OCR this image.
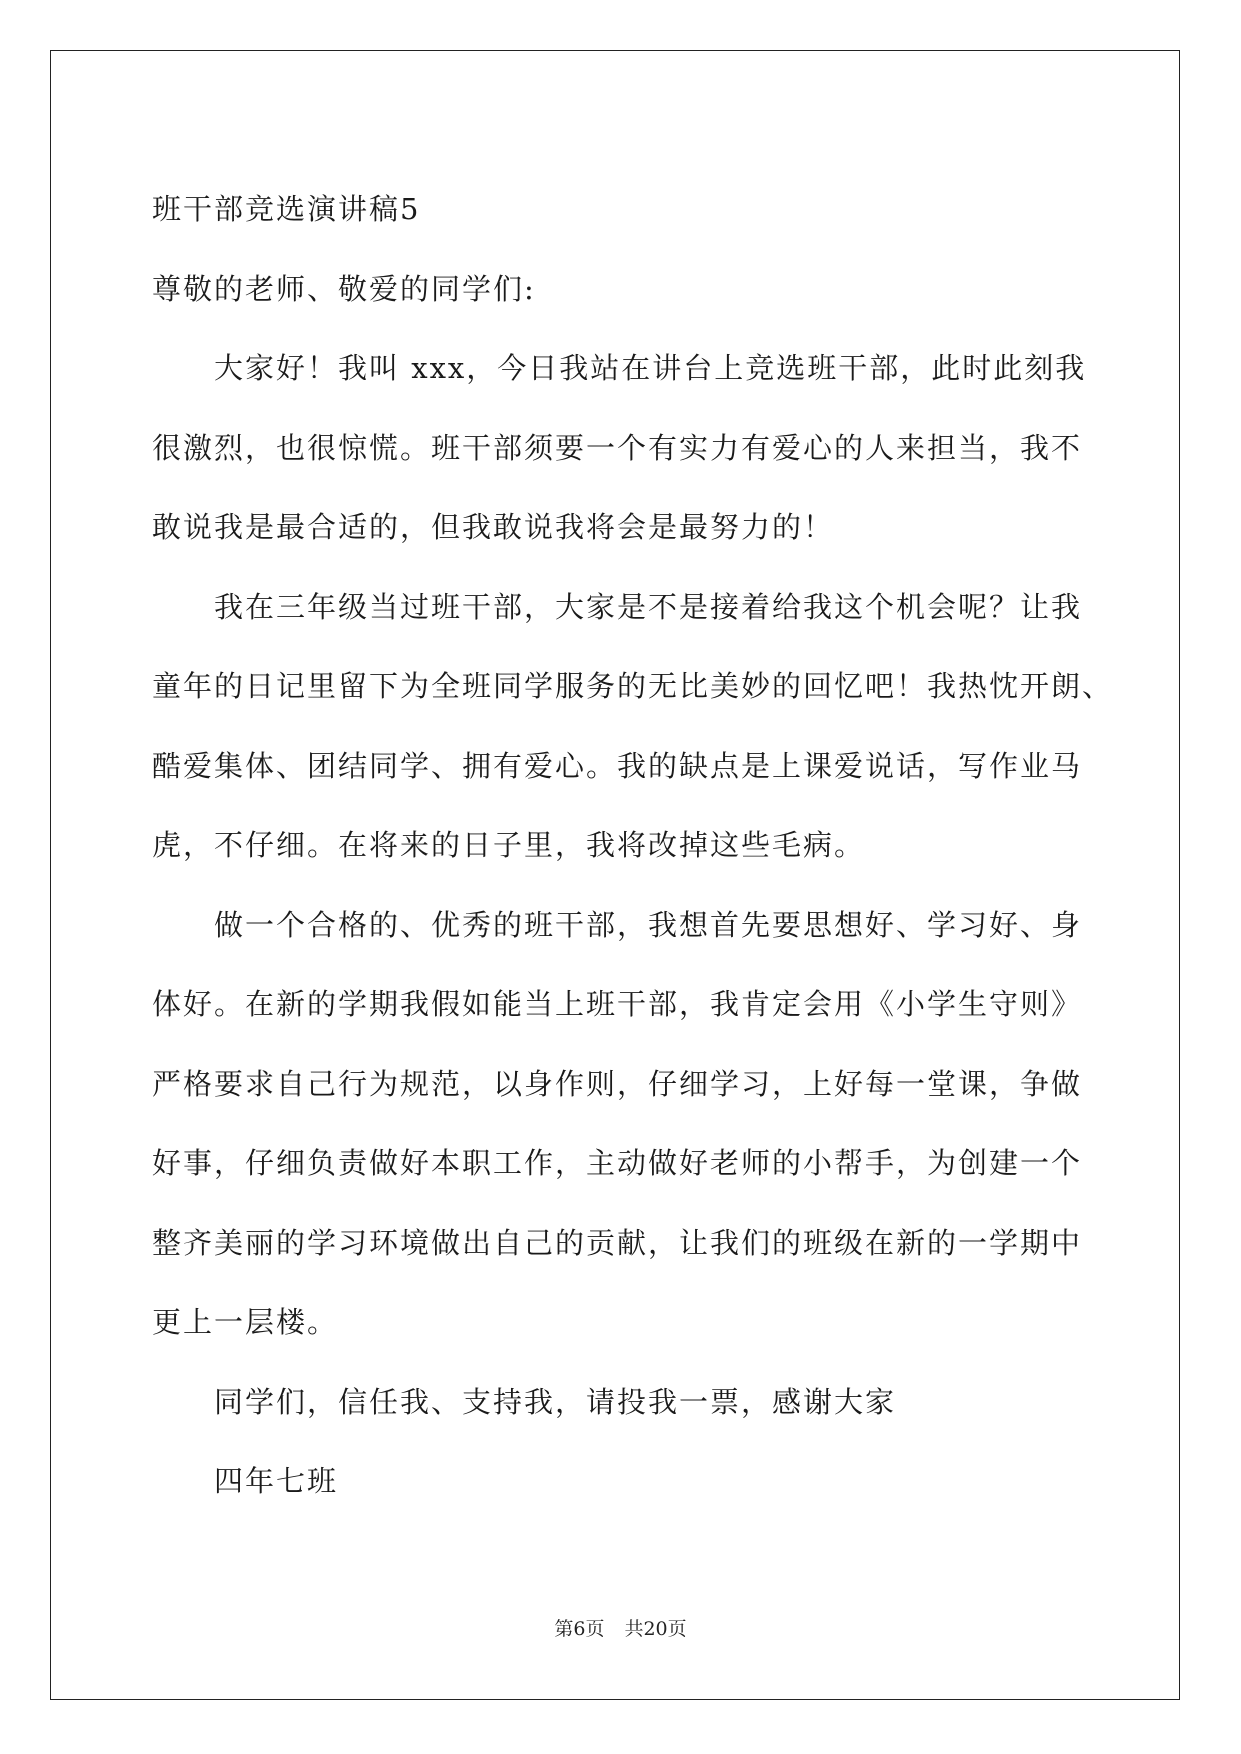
班干部竞选演讲稿5
尊敬的老师、敬爱的同学们:
大家好！我叫 xxx，今日我站在讲台上竞选班干部，此时此刻我
很激烈，也很惊慌。班干部须要一个有实力有爱心的人来担当，我不
敢说我是最合适的，但我敢说我将会是最努力的！
我在三年级当过班干部，大家是不是接着给我这个机会呢？让我
童年的日记里留下为全班同学服务的无比美妙的回忆吧！我热忱开朗、
酷爱集体、团结同学、拥有爱心。我的缺点是上课爱说话，写作业马
虎，不仔细。在将来的日子里，我将改掉这些毛病。
做一个合格的、优秀的班干部，我想首先要思想好、学习好、身
体好。在新的学期我假如能当上班干部，我肯定会用《小学生守则》
严格要求自己行为规范，以身作则，仔细学习，上好每一堂课，争做
好事，仔细负责做好本职工作，主动做好老师的小帮手，为创建一个
整齐美丽的学习环境做出自己的贡献，让我们的班级在新的一学期中
更上一层楼。
同学们，信任我、支持我，请投我一票，感谢大家
四年七班
第6页 共20页
